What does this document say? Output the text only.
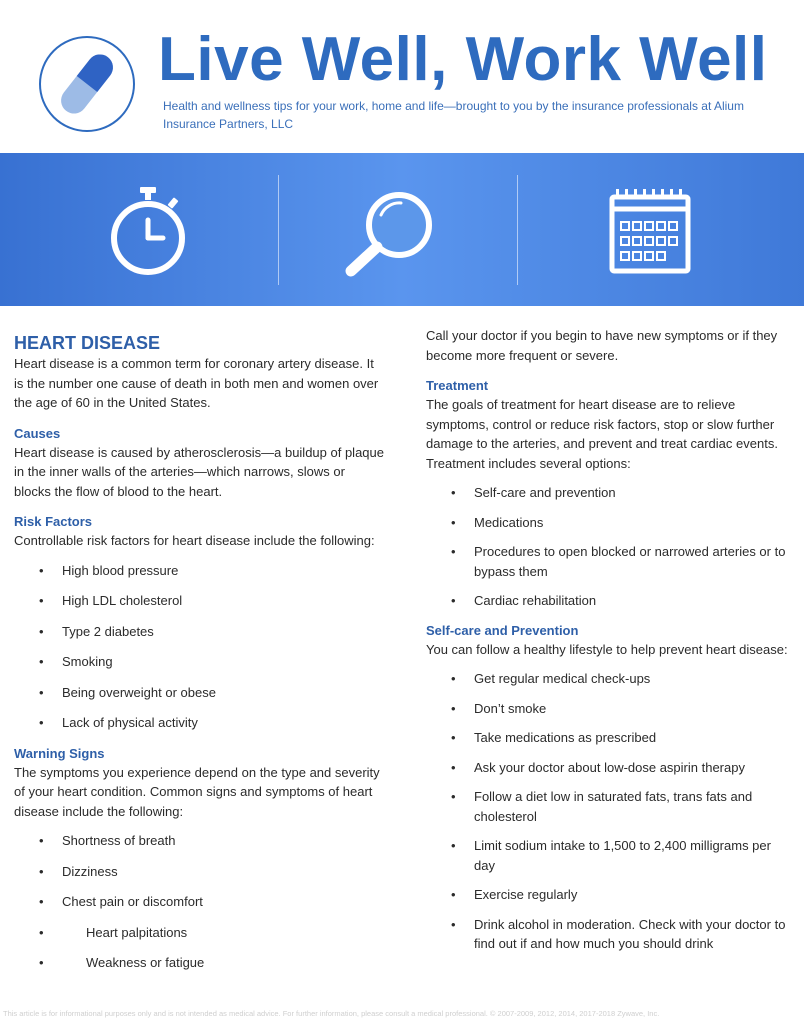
Live Well, Work Well
Health and wellness tips for your work, home and life—brought to you by the insurance professionals at Alium Insurance Partners, LLC
HEART DISEASE

Heart disease is a common term for coronary artery disease. It is the number one cause of death in both men and women over the age of 60 in the United States.

Causes

Heart disease is caused by atherosclerosis—a buildup of plaque in the inner walls of the arteries—which narrows, slows or blocks the flow of blood to the heart.

Risk Factors

Controllable risk factors for heart disease include the following:

• High blood pressure
• High LDL cholesterol
• Type 2 diabetes
• Smoking
• Being overweight or obese
• Lack of physical activity
Warning Signs

The symptoms you experience depend on the type and severity of your heart condition. Common signs and symptoms of heart disease include the following:

• Shortness of breath
• Dizziness
• Chest pain or discomfort
•	Heart palpitations
•	Weakness or fatigue

Call your doctor if you begin to have new symptoms or if they become more frequent or severe.

Treatment

The goals of treatment for heart disease are to relieve symptoms, control or reduce risk factors, stop or slow further damage to the arteries, and prevent and treat cardiac events. Treatment includes several options:

• Self-care and prevention
• Medications
• Procedures to open blocked or narrowed arteries or to bypass them
• Cardiac rehabilitation
Self-care and Prevention

You can follow a healthy lifestyle to help prevent heart disease:

• Get regular medical check-ups
• Don’t smoke
• Take medications as prescribed
• Ask your doctor about low-dose aspirin therapy
• Follow a diet low in saturated fats, trans fats and cholesterol
• Limit sodium intake to 1,500 to 2,400 milligrams per day
• Exercise regularly
• Drink alcohol in moderation. Check with your doctor to find out if and how much you should drink
This article is for informational purposes only and is not intended as medical advice. For further information, please consult a medical professional. © 2007-2009, 2012, 2014, 2017-2018 Zywave, Inc.
